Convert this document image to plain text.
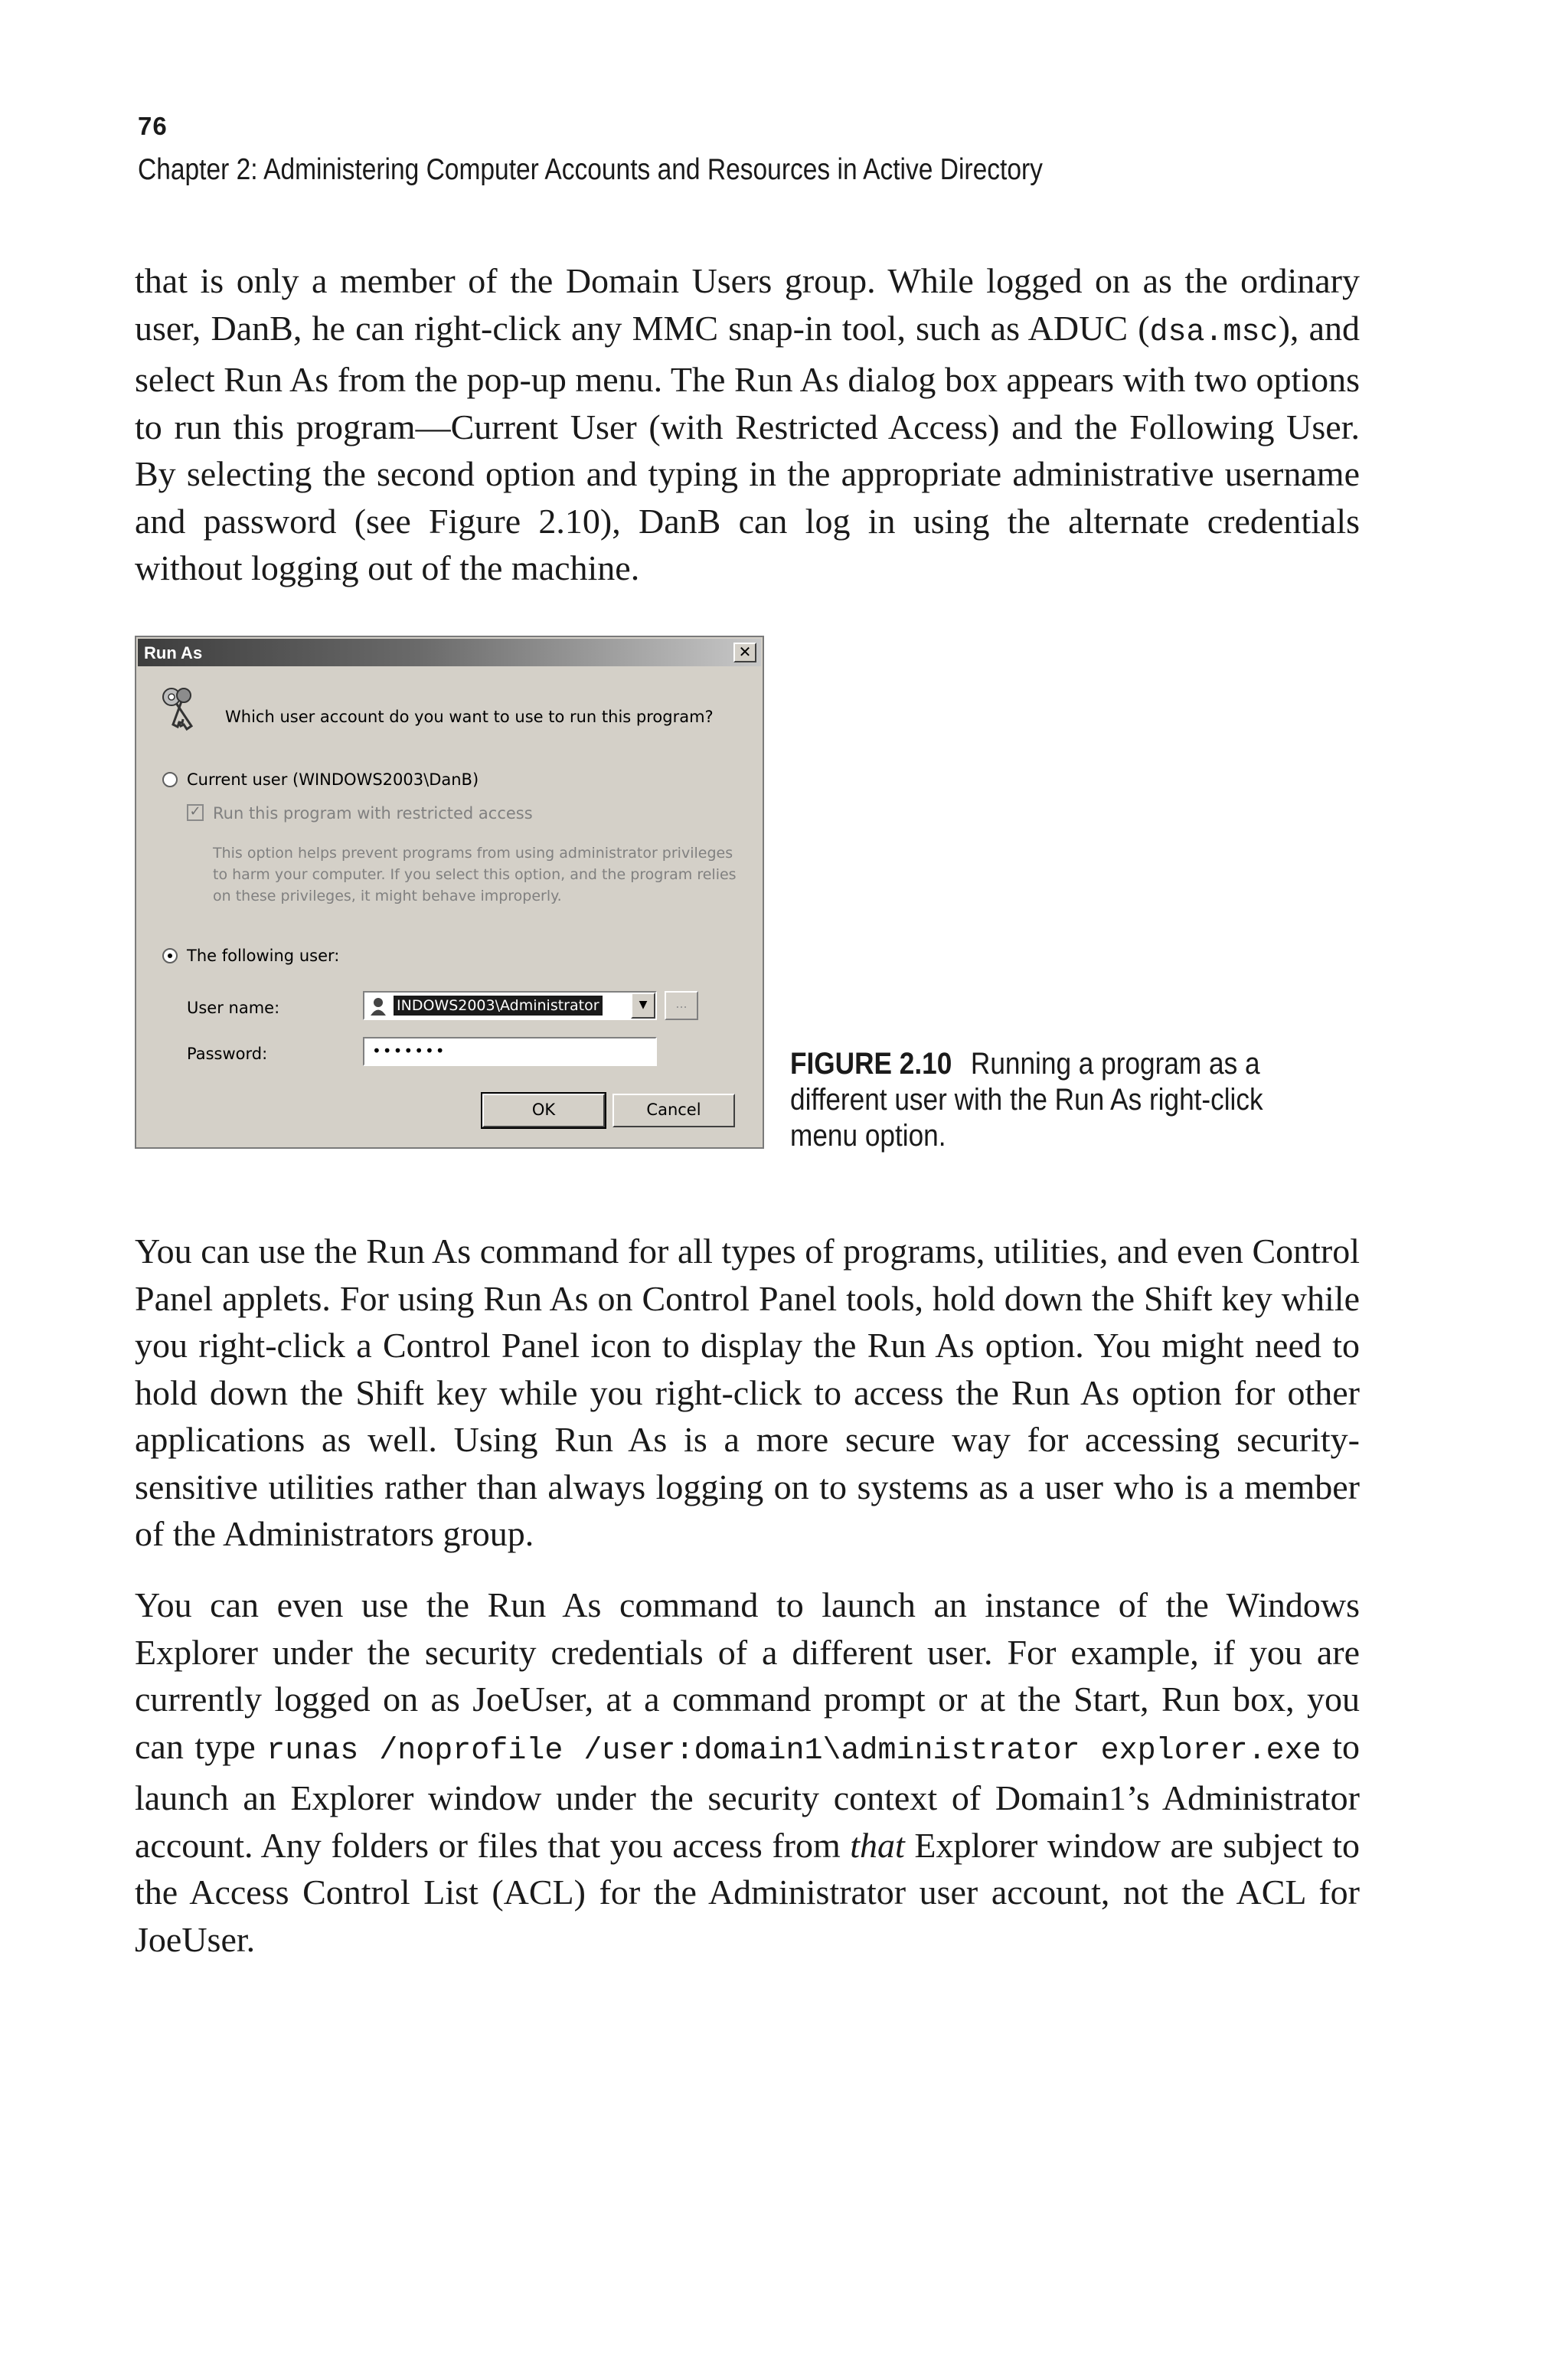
76
Chapter 2: Administering Computer Accounts and Resources in Active Directory

that is only a member of the Domain Users group. While logged on as the ordinary user, DanB, he can right-click any MMC snap-in tool, such as ADUC (dsa.msc), and select Run As from the pop-up menu. The Run As dialog box appears with two options to run this program—Current User (with Restricted Access) and the Following User. By selecting the second option and typing in the appropriate administrative username and password (see Figure 2.10), DanB can log in using the alternate credentials without logging out of the machine.

Run As	✕
Which user account do you want to use to run this program?
Current user (WINDOWS2003\DanB)
✓ Run this program with restricted access
This option helps prevent programs from using administrator privileges to harm your computer. If you select this option, and the program relies on these privileges, it might behave improperly.
The following user:
User name:	INDOWS2003\Administrator	▼	...
Password:	•••••••
OK	Cancel
FIGURE 2.10 Running a program as a different user with the Run As right-click menu option.

You can use the Run As command for all types of programs, utilities, and even Control Panel applets. For using Run As on Control Panel tools, hold down the Shift key while you right-click a Control Panel icon to display the Run As option. You might need to hold down the Shift key while you right-click to access the Run As option for other applications as well. Using Run As is a more secure way for accessing security-sensitive utilities rather than always logging on to systems as a user who is a member of the Administrators group.

You can even use the Run As command to launch an instance of the Windows Explorer under the security credentials of a different user. For example, if you are currently logged on as JoeUser, at a command prompt or at the Start, Run box, you can type runas /noprofile /user:domain1\administrator explorer.exe to launch an Explorer window under the security context of Domain1’s Administrator account. Any folders or files that you access from that Explorer window are subject to the Access Control List (ACL) for the Administrator user account, not the ACL for JoeUser.
